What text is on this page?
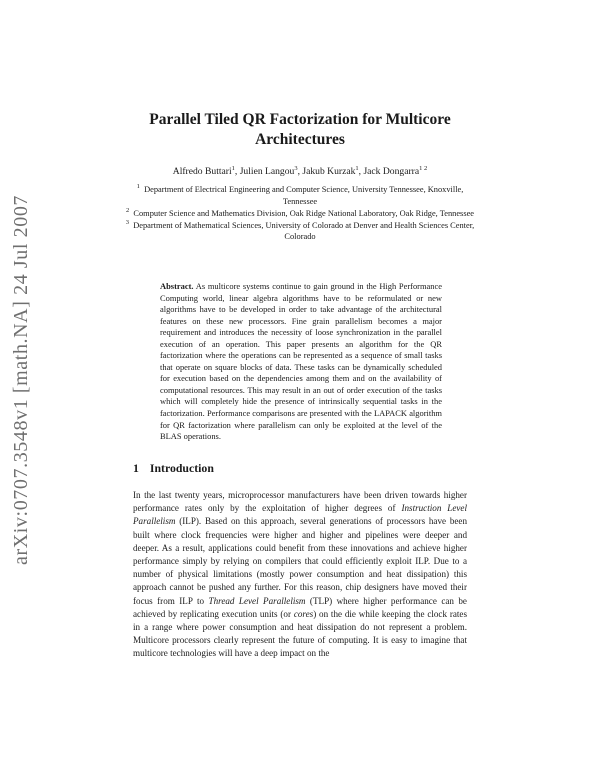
arXiv:0707.3548v1 [math.NA] 24 Jul 2007
Parallel Tiled QR Factorization for Multicore Architectures
Alfredo Buttari$^1$, Julien Langou$^3$, Jakub Kurzak$^1$, Jack Dongarra$^{1 2}$

$^1$ Department of Electrical Engineering and Computer Science, University Tennessee, Knoxville, Tennessee

$^2$ Computer Science and Mathematics Division, Oak Ridge National Laboratory, Oak Ridge, Tennessee

$^3$ Department of Mathematical Sciences, University of Colorado at Denver and Health Sciences Center, Colorado

Abstract. As multicore systems continue to gain ground in the High Performance Computing world, linear algebra algorithms have to be reformulated or new algorithms have to be developed in order to take advantage of the architectural features on these new processors. Fine grain parallelism becomes a major requirement and introduces the necessity of loose synchronization in the parallel execution of an operation. This paper presents an algorithm for the QR factorization where the operations can be represented as a sequence of small tasks that operate on square blocks of data. These tasks can be dynamically scheduled for execution based on the dependencies among them and on the availability of computational resources. This may result in an out of order execution of the tasks which will completely hide the presence of intrinsically sequential tasks in the factorization. Performance comparisons are presented with the LAPACK algorithm for QR factorization where parallelism can only be exploited at the level of the BLAS operations.

1 Introduction

In the last twenty years, microprocessor manufacturers have been driven towards higher performance rates only by the exploitation of higher degrees of Instruction Level Parallelism (ILP). Based on this approach, several generations of processors have been built where clock frequencies were higher and higher and pipelines were deeper and deeper. As a result, applications could benefit from these innovations and achieve higher performance simply by relying on compilers that could efficiently exploit ILP. Due to a number of physical limitations (mostly power consumption and heat dissipation) this approach cannot be pushed any further. For this reason, chip designers have moved their focus from ILP to Thread Level Parallelism (TLP) where higher performance can be achieved by replicating execution units (or cores) on the die while keeping the clock rates in a range where power consumption and heat dissipation do not represent a problem. Multicore processors clearly represent the future of computing. It is easy to imagine that multicore technologies will have a deep impact on the
